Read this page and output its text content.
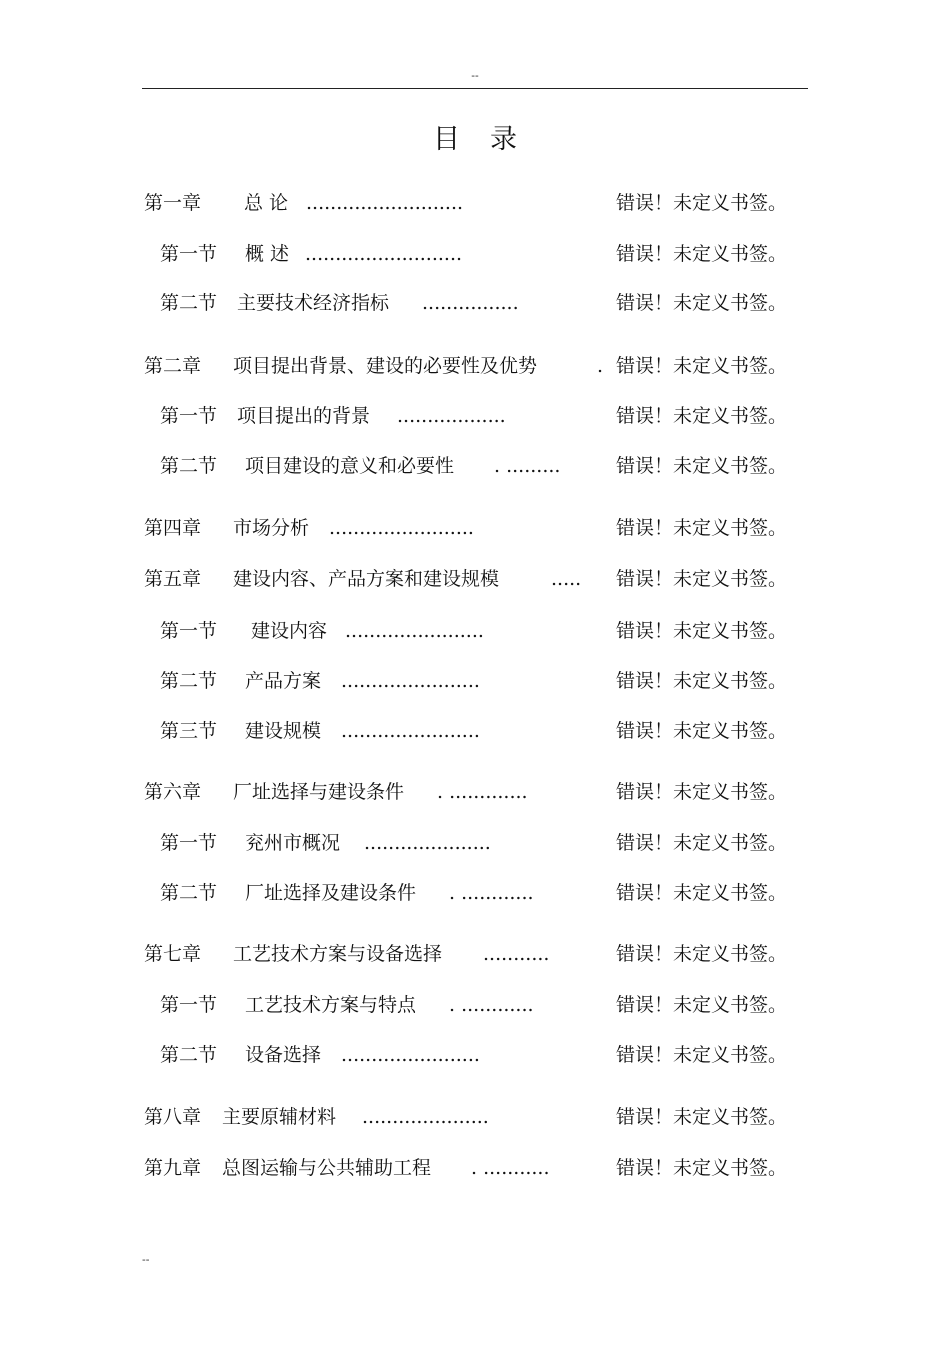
--
目 录
第一章 总 论 ..........................	错误！未定义书签。
第一节 概 述 ..........................	错误！未定义书签。
第二节 主要技术经济指标 ................	错误！未定义书签。
第二章 项目提出背景、建设的必要性及优势	. 错误！未定义书签。
第一节 项目提出的背景 ..................	错误！未定义书签。
第二节 项目建设的意义和必要性 . .........	错误！未定义书签。
第四章 市场分析 ........................	错误！未定义书签。
第五章 建设内容、产品方案和建设规模	..... 错误！未定义书签。
第一节 建设内容 .......................	错误！未定义书签。
第二节 产品方案 .......................	错误！未定义书签。
第三节 建设规模 .......................	错误！未定义书签。
第六章 厂址选择与建设条件 . .............	错误！未定义书签。
第一节 兖州市概况 .....................	错误！未定义书签。
第二节 厂址选择及建设条件 . ............	错误！未定义书签。
第七章 工艺技术方案与设备选择 ...........	错误！未定义书签。
第一节 工艺技术方案与特点 . ............	错误！未定义书签。
第二节 设备选择 .......................	错误！未定义书签。
第八章 主要原辅材料 .....................	错误！未定义书签。
第九章 总图运输与公共辅助工程 . ...........	错误！未定义书签。
--
